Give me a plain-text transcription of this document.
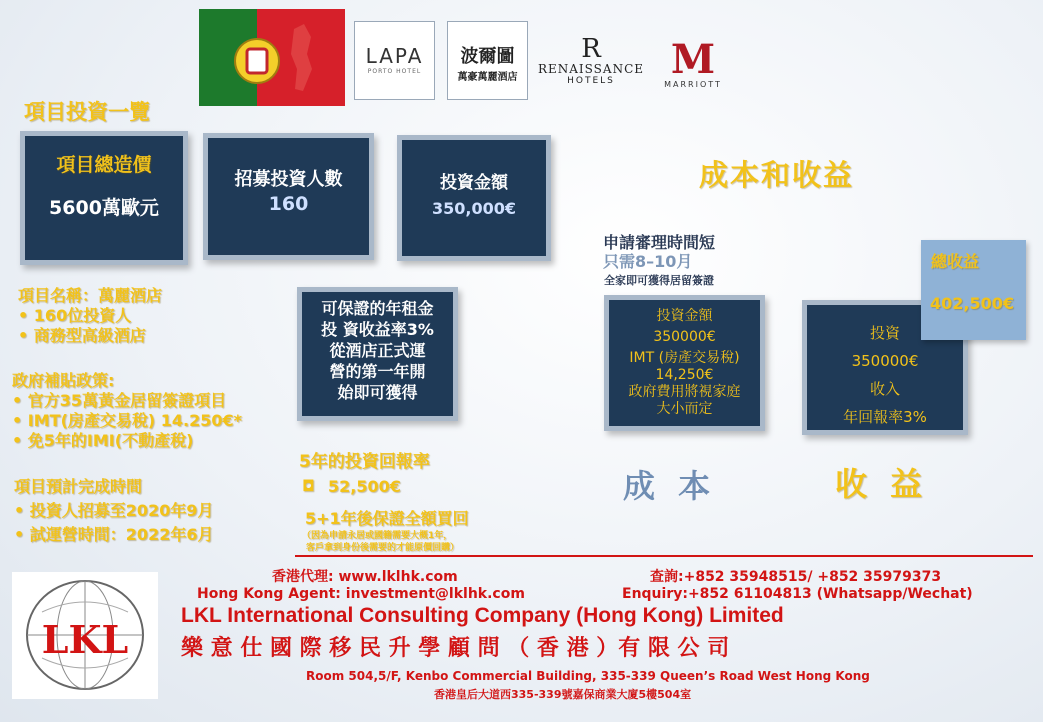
LAPA
PORTO HOTEL
波爾圖
萬豪萬麗酒店
R
RENAISSANCE
HOTELS	M
MARRIOTT
項目投資一覽
項目總造價
5600萬歐元
招募投資人數
160
投資金額
350,000€
項目名稱：萬麗酒店
• 160位投資人
• 商務型高級酒店
政府補貼政策:
• 官方35萬黃金居留簽證項目
• IMT(房產交易稅) 14.250€*
• 免5年的IMI(不動產稅)
項目預計完成時間
• 投資人招募至2020年9月
• 試運營時間：2022年6月
可保證的年租金
投 資收益率3%
從酒店正式運
營的第一年開
始即可獲得
5年的投資回報率
◘ 52,500€
5+1年後保證全額買回
（因為申請永居或國籍需要大概1年，
客戶拿到身份後需要的才能原價回購）
成本和收益
申請審理時間短
只需8–10月
全家即可獲得居留簽證
投資金額
350000€
IMT (房產交易稅)
14,250€
政府費用將視家庭
大小而定
投資
350000€
收入
年回報率3%
總收益
402,500€
成 本	收 益
LKL
香港代理: www.lklhk.com
Hong Kong Agent: investment@lklhk.com
查詢:+852 35948515/ +852 35979373
Enquiry:+852 61104813 (Whatsapp/Wechat)
LKL International Consulting Company (Hong Kong) Limited
樂 意 仕 國 際 移 民 升 學 顧 問 （ 香 港 ）有 限 公 司
Room 504,5/F, Kenbo Commercial Building, 335-339 Queen’s Road West Hong Kong
香港皇后大道西335-339號嘉保商業大廈5樓504室
